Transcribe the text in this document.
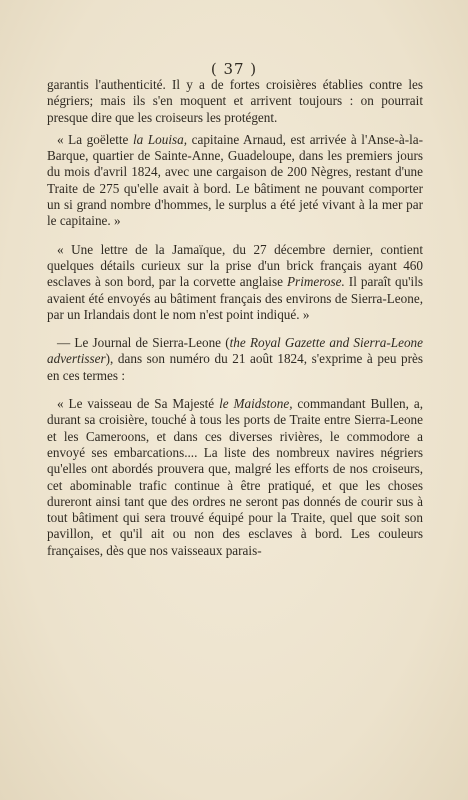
( 37 )

garantis l'authenticité. Il y a de fortes croisières établies contre les négriers; mais ils s'en moquent et arrivent toujours : on pourrait presque dire que les croiseurs les protégent.

« La goëlette la Louisa, capitaine Arnaud, est arrivée à l'Anse-à-la-Barque, quartier de Sainte-Anne, Guadeloupe, dans les premiers jours du mois d'avril 1824, avec une cargaison de 200 Nègres, restant d'une Traite de 275 qu'elle avait à bord. Le bâtiment ne pouvant comporter un si grand nombre d'hommes, le surplus a été jeté vivant à la mer par le capitaine. »

« Une lettre de la Jamaïque, du 27 décembre dernier, contient quelques détails curieux sur la prise d'un brick français ayant 460 esclaves à son bord, par la corvette anglaise Primerose. Il paraît qu'ils avaient été envoyés au bâtiment français des environs de Sierra-Leone, par un Irlandais dont le nom n'est point indiqué. »

— Le Journal de Sierra-Leone (the Royal Gazette and Sierra-Leone advertisser), dans son numéro du 21 août 1824, s'exprime à peu près en ces termes :

« Le vaisseau de Sa Majesté le Maidstone, commandant Bullen, a, durant sa croisière, touché à tous les ports de Traite entre Sierra-Leone et les Cameroons, et dans ces diverses rivières, le commodore a envoyé ses embarcations.... La liste des nombreux navires négriers qu'elles ont abordés prouvera que, malgré les efforts de nos croiseurs, cet abominable trafic continue à être pratiqué, et que les choses dureront ainsi tant que des ordres ne seront pas donnés de courir sus à tout bâtiment qui sera trouvé équipé pour la Traite, quel que soit son pavillon, et qu'il ait ou non des esclaves à bord. Les couleurs françaises, dès que nos vaisseaux parais-
